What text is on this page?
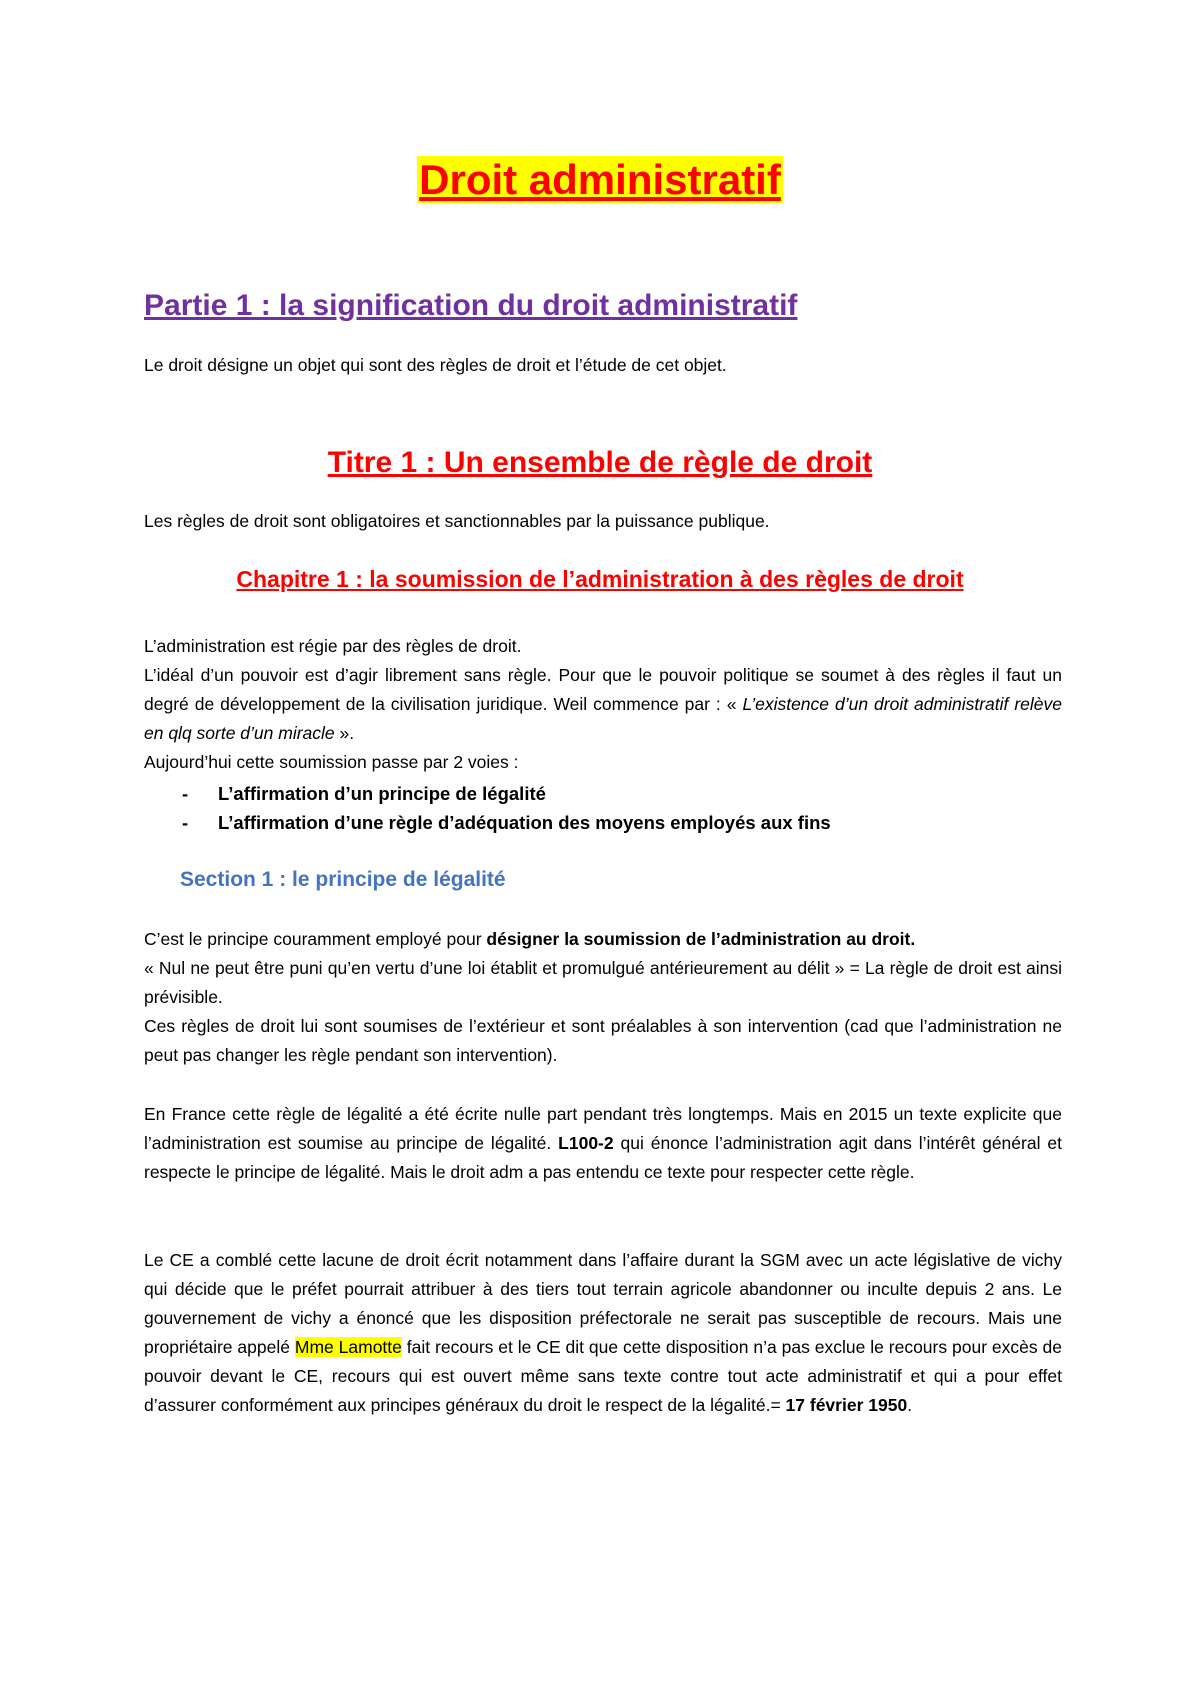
Droit administratif
Partie 1 : la signification du droit administratif
Le droit désigne un objet qui sont des règles de droit et l’étude de cet objet.
Titre 1 : Un ensemble de règle de droit
Les règles de droit sont obligatoires et sanctionnables par la puissance publique.
Chapitre 1 : la soumission de l’administration à des règles de droit
L’administration est régie par des règles de droit.
L’idéal d’un pouvoir est d’agir librement sans règle. Pour que le pouvoir politique se soumet à des règles il faut un degré de développement de la civilisation juridique. Weil commence par : « L’existence d’un droit administratif relève en qlq sorte d’un miracle ».
Aujourd’hui cette soumission passe par 2 voies :
- L’affirmation d’un principe de légalité
- L’affirmation d’une règle d’adéquation des moyens employés aux fins
Section 1 : le principe de légalité
C’est le principe couramment employé pour désigner la soumission de l’administration au droit.
« Nul ne peut être puni qu’en vertu d’une loi établit et promulgué antérieurement au délit » = La règle de droit est ainsi prévisible.
Ces règles de droit lui sont soumises de l’extérieur et sont préalables à son intervention (cad que l’administration ne peut pas changer les règle pendant son intervention).
En France cette règle de légalité a été écrite nulle part pendant très longtemps. Mais en 2015 un texte explicite que l’administration est soumise au principe de légalité. L100-2 qui énonce l’administration agit dans l’intérêt général et respecte le principe de légalité. Mais le droit adm a pas entendu ce texte pour respecter cette règle.
Le CE a comblé cette lacune de droit écrit notamment dans l’affaire durant la SGM avec un acte législative de vichy qui décide que le préfet pourrait attribuer à des tiers tout terrain agricole abandonner ou inculte depuis 2 ans. Le gouvernement de vichy a énoncé que les disposition préfectorale ne serait pas susceptible de recours. Mais une propriétaire appelé Mme Lamotte fait recours et le CE dit que cette disposition n’a pas exclue le recours pour excès de pouvoir devant le CE, recours qui est ouvert même sans texte contre tout acte administratif et qui a pour effet d’assurer conformément aux principes généraux du droit le respect de la légalité.= 17 février 1950.
